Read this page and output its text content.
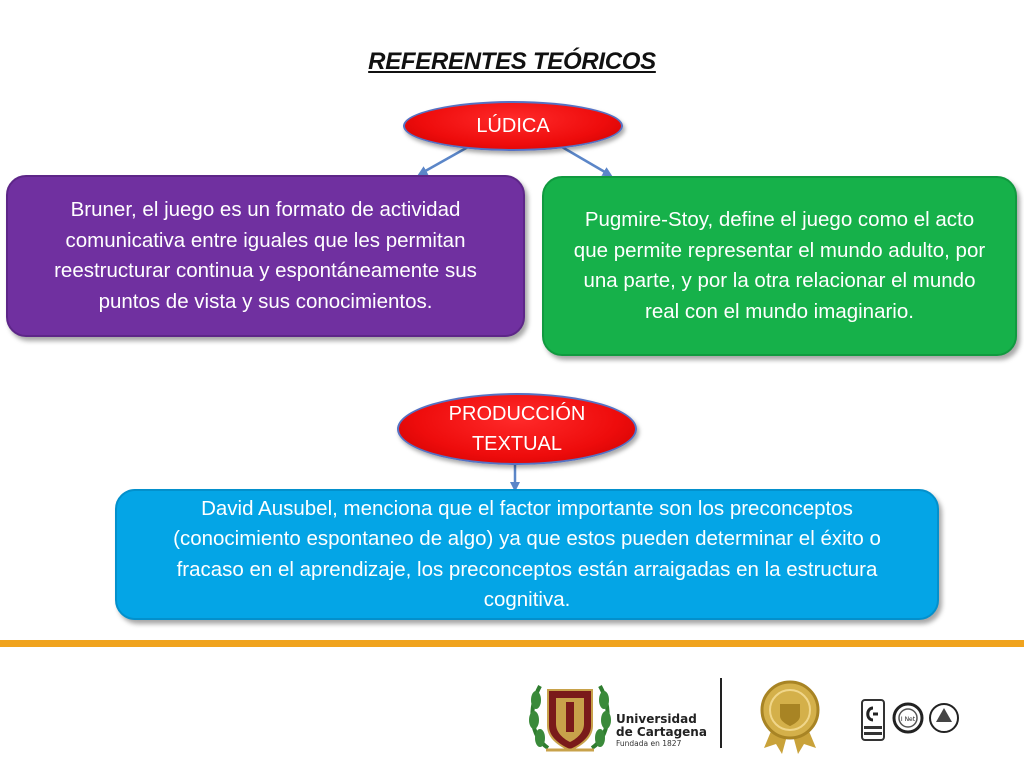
REFERENTES TEÓRICOS
LÚDICA
Bruner, el juego es un formato de actividad comunicativa entre iguales que les permitan reestructurar continua y espontáneamente sus puntos de vista y sus conocimientos.
Pugmire-Stoy, define el juego como el acto que permite representar el mundo adulto, por una parte, y por la otra relacionar el mundo real con el mundo imaginario.
PRODUCCIÓN
TEXTUAL
David Ausubel, menciona que el factor importante son los preconceptos (conocimiento espontaneo de algo) ya que estos pueden determinar el éxito o fracaso en el aprendizaje, los preconceptos están arraigadas en la estructura cognitiva.
I Net
Universidad
de Cartagena
Fundada en 1827
